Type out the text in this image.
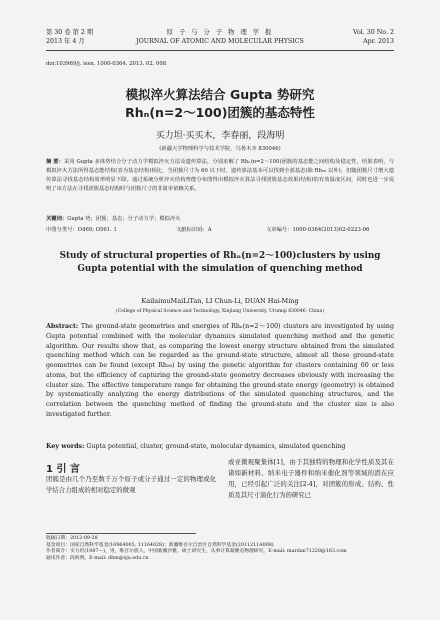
第 30 卷 第 2 期	原 子 与 分 子 物 理 学 报	Vol. 30 No. 2
2013 年 4 月	JOURNAL OF ATOMIC AND MOLECULAR PHYSICS	Apr. 2013
doi:103969/j. issn. 1000-0364. 2013. 02. 008
模拟淬火算法结合 Gupta 势研究
Rhₙ(n=2～100)团簇的基态特性
买力坦·买买木，李春丽，段海明
(新疆大学物理科学与技术学院，乌鲁木齐 830046)
摘 要：采用 Gupta 多体势结合分子动力学模拟淬火方法及遗传算法，分别求解了 Rhₙ(n=2～100)团簇的基态能之间结构及稳定性，结果表明，与模拟淬火方法所得基态能结构(表为基态结构)相比，当团簇尺寸为 60 以下时，遗传算法基本可以找到全部基态(除 Rh₅₈ 以外)，但随团簇尺寸增大遗传算法寻找基态结构效率明显下降。通过系统分析淬火结构势能分布图得出模拟淬火算法寻找团簇基态效果(结构)的有效温度区间，同时也进一步说明了该方法在寻找团簇基态结构时与团簇尺寸的非简单依赖关系。
关键词：Gupta 势；团簇；基态；分子动力学；模拟淬火
中图分类号：O469; O561. 1	文献标识码：A	文章编号：1000-0364(2013)02-0223-06
Study of structural properties of Rhₙ(n=2～100)clusters by using Gupta potential with the simulation of quenching method
KailaimuMaiLiTan, LI Chun-Li, DUAN Hai-Ming
(College of Physical Science and Technology, Xinjiang University, Urumqi 830046, China)
Abstract: The ground-state geometries and energies of Rhₙ(n=2～100) clusters are investigated by using Gupta potential combined with the molecular dynamics simulated quenching method and the genetic algorithm. Our results show that, as comparing the lowest energy structure obtained from the simulated quenching method which can be regarded as the ground-state structure, almost all these ground-state geometries can be found (except Rh₅₈) by using the genetic algorithm for clusters containing 60 or less atoms, but the efficiency of capturing the ground-state geometry decreases obviously with increasing the cluster size. The effective temperature range for obtaining the ground-state energy (geometry) is obtained by systematically analyzing the energy distributions of the simulated quenching structures, and the correlation between the quenching method of finding the ground-state and the cluster size is also investigated further.
Key words: Gupta potential, cluster, ground-state, molecular dynamics, simulated quenching
1 引 言
团簇是由几个乃至数千万个原子或分子通过一定的物理或化学结合力组成的相对稳定的微观
或亚微观聚集体[1]，由于其独特的物理和化学性质及其在诸如新材料、纳米电子器件和纳米催化剂等领域的潜在应用，已经引起广泛的关注[2-4]，对团簇的形成、结构、性质及其尺寸演化行为的研究已
收稿日期：2012-09-28
基金项目：国家自然科学基金(10964005, 11164028)；新疆维吾尔自治区自然科学基金(2011211A008)
作者简介：买力坦(1987—)，男，维吾尔族人，中国新疆沙雅，硕士研究生，从事计算凝聚态物理研究。E-mail: mardan71228@163.com
通讯作者：段海明。E-mail: dhm@xju.edu.cn
